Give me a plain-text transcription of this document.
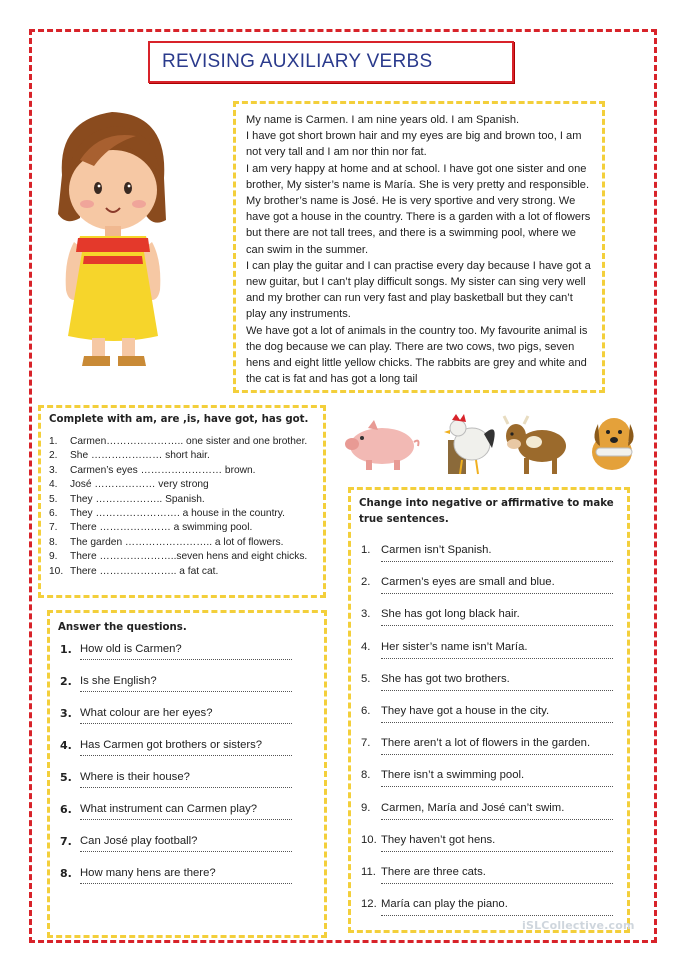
REVISING AUXILIARY VERBS

My name is Carmen. I am nine years old. I am Spanish.

I have got short brown hair and my eyes are big and brown too, I am not very tall and I am nor thin nor fat.

I am very happy at home and at school. I have got one sister and one brother, My sister’s name is María. She is very pretty and responsible. My brother’s name is José. He is very sportive and very strong. We have got a house in the country. There is a garden with a lot of flowers but there are not tall trees, and there is a swimming pool, where we can swim in the summer.

I can play the guitar and I can practise every day because I have got a new guitar, but I can’t play difficult songs. My sister can sing very well and my brother can run very fast and play basketball but they can’t play any instruments.

We have got a lot of animals in the country too. My favourite animal is the dog because we can play. There are two cows, two pigs, seven hens and eight little yellow chicks. The rabbits are grey and white and the cat is fat and has got a long tail

Complete with am, are ,is, have got, has got.
1. Carmen………………….. one sister and one brother.
2. She ………………… short hair.
3. Carmen’s eyes …………………… brown.
4. José ……………… very strong
5. They ……………….. Spanish.
6. They ……………………. a house in the country.
7. There ………………… a swimming pool.
8. The garden …………………….. a lot of flowers.
9. There …………………..seven hens and eight chicks.
10. There ………………….. a fat cat.
Change into negative or affirmative to make true sentences.
1. Carmen isn’t Spanish.
2. Carmen’s eyes are small and blue.
3. She has got long black hair.
4. Her sister’s name isn’t María.
5. She has got two brothers.
6. They have got a house in the city.
7. There aren’t a lot of flowers in the garden.
8. There isn’t a swimming pool.
9. Carmen, María and José can’t swim.
10. They haven’t got hens.
11. There are three cats.
12. María can play the piano.
Answer the questions.
1. How old is Carmen?
2. Is she English?
3. What colour are her eyes?
4. Has Carmen got brothers or sisters?
5. Where is their house?
6. What instrument can Carmen play?
7. Can José play football?
8. How many hens are there?
iSLCollective.com
